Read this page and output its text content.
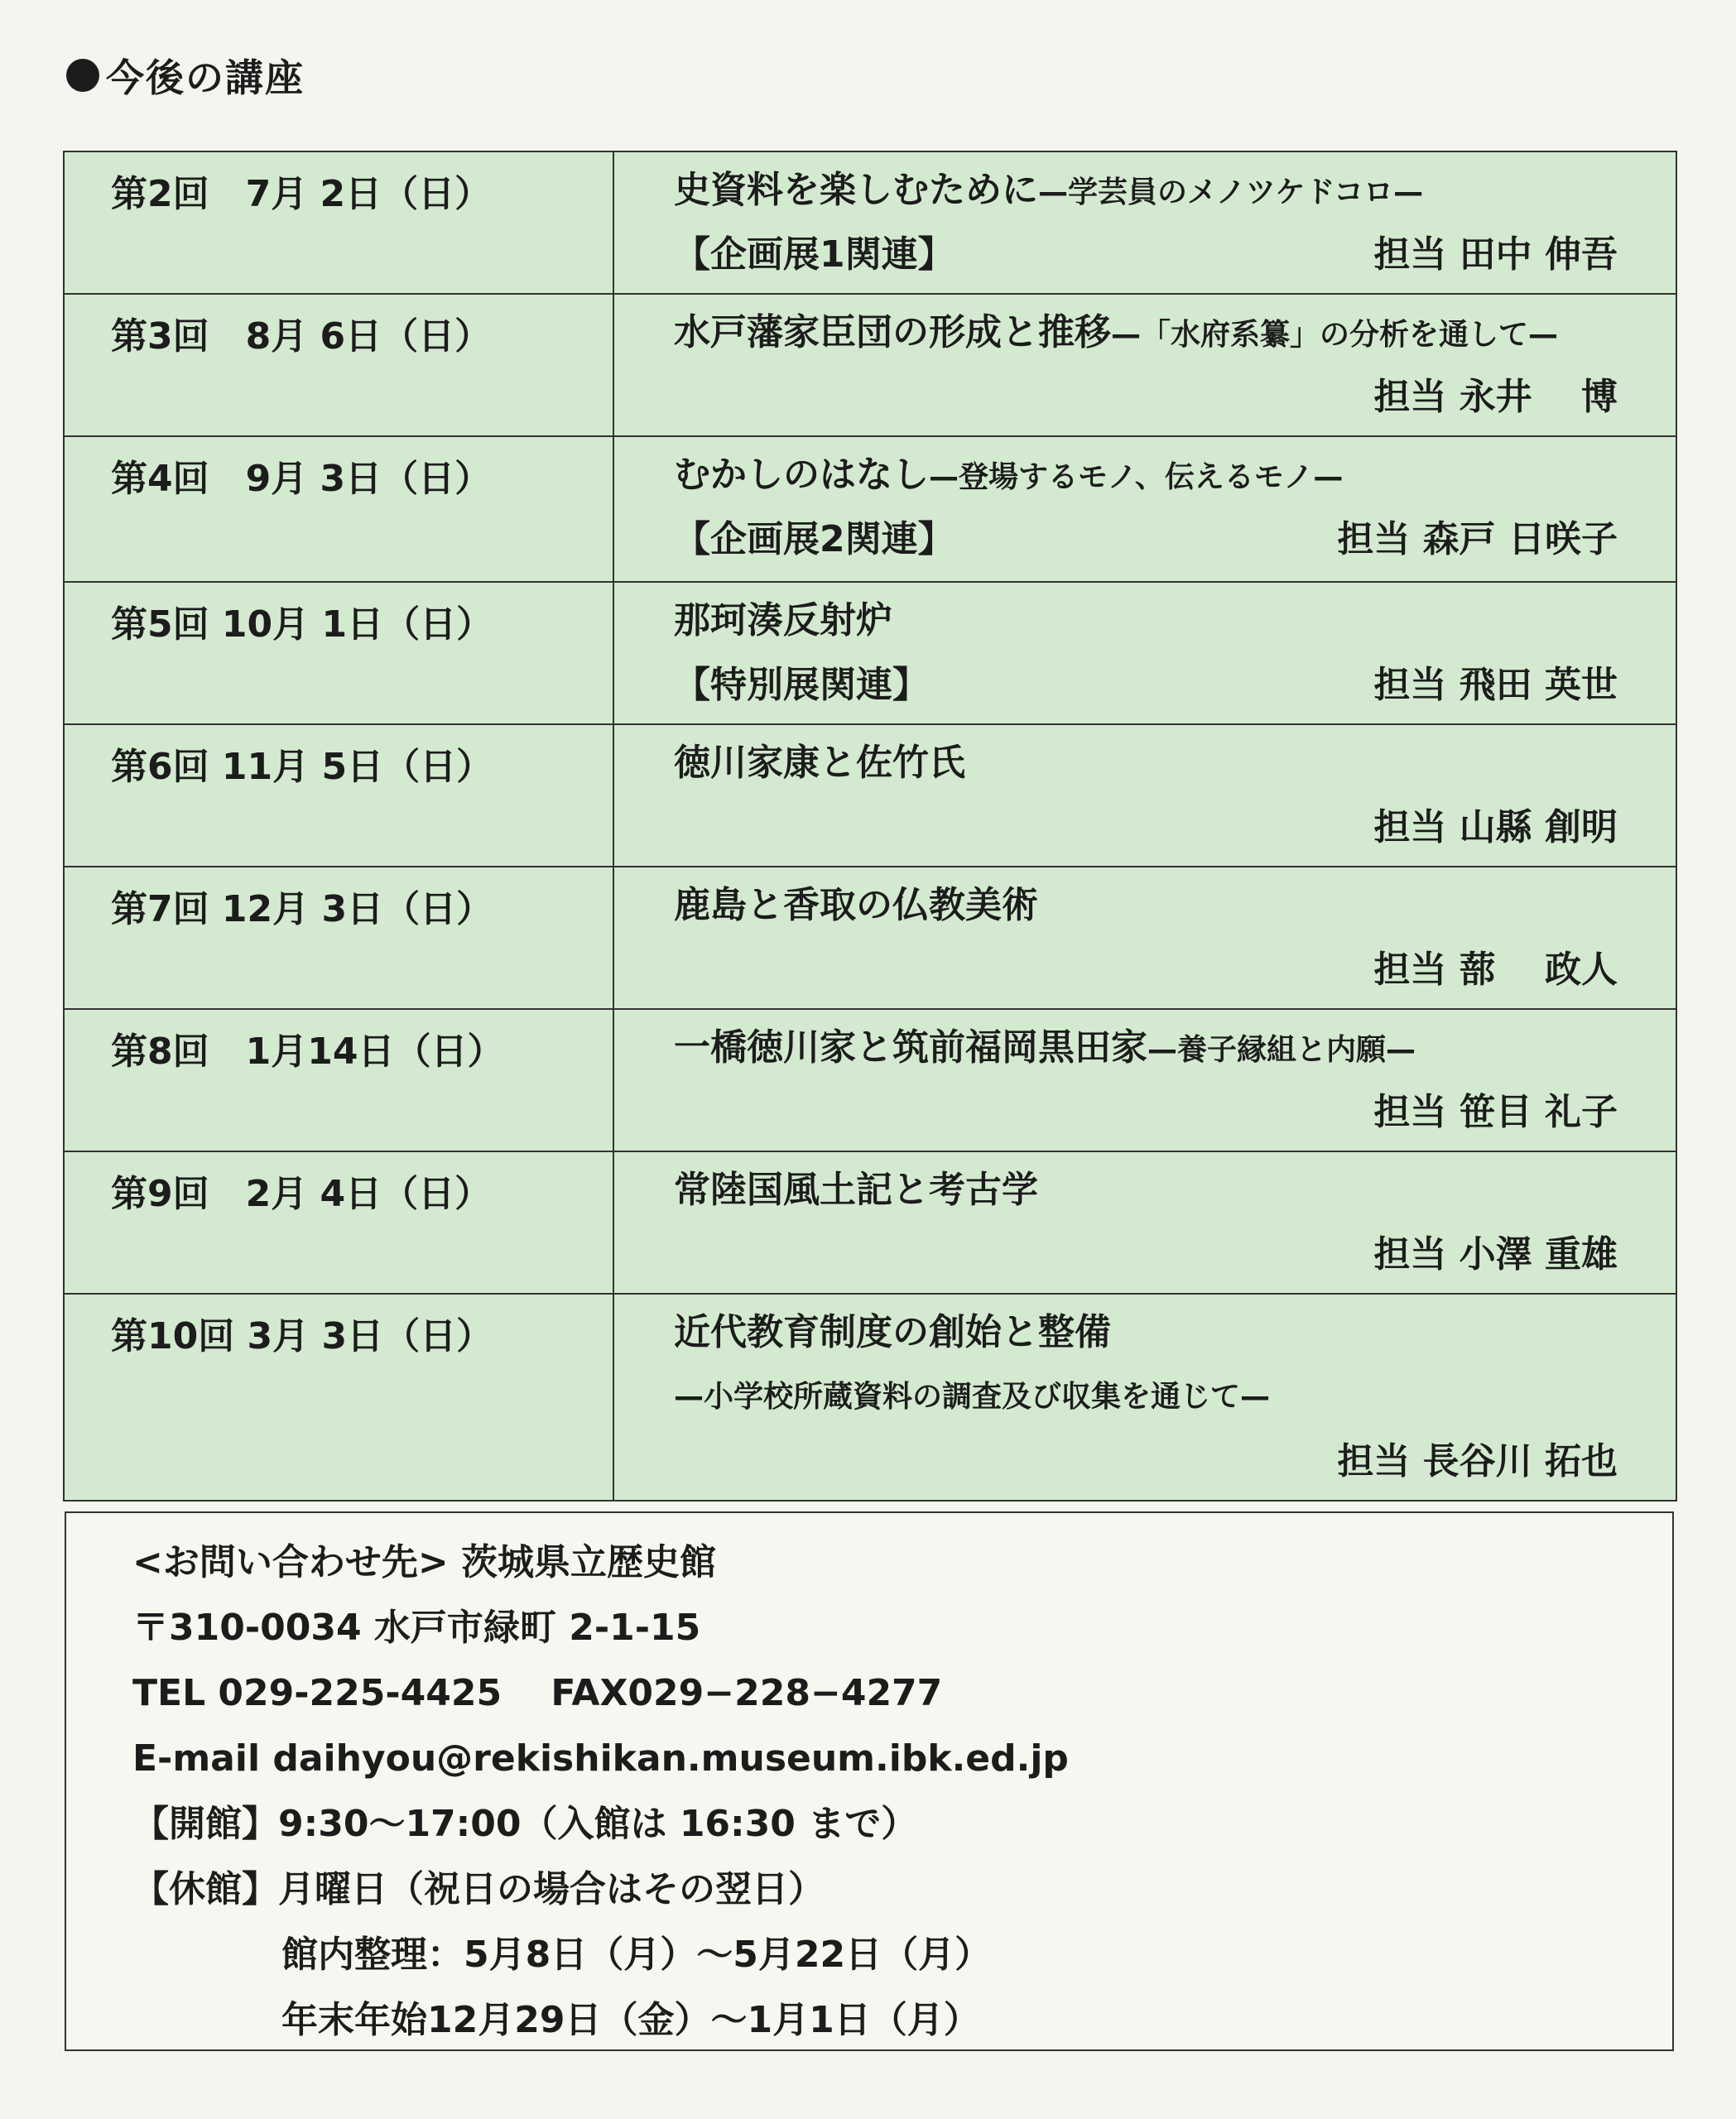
今後の講座
第2回　7月 2日（日）	史資料を楽しむために—学芸員のメノツケドコロ—
【企画展1関連】 担当 田中 伸吾

第3回　8月 6日（日）	水戸藩家臣団の形成と推移—「水府系纂」の分析を通して—
担当 永井　 博

第4回　9月 3日（日）	むかしのはなし—登場するモノ、伝えるモノ—
【企画展2関連】 担当 森戸 日咲子

第5回 10月 1日（日）	那珂湊反射炉
【特別展関連】 担当 飛田 英世

第6回 11月 5日（日）	徳川家康と佐竹氏
担当 山縣 創明

第7回 12月 3日（日）	鹿島と香取の仏教美術
担当 蔀　 政人

第8回　1月14日（日）	一橋徳川家と筑前福岡黒田家—養子縁組と内願—
担当 笹目 礼子

第9回　2月 4日（日）	常陸国風土記と考古学
担当 小澤 重雄

第10回 3月 3日（日）	近代教育制度の創始と整備
—小学校所蔵資料の調査及び収集を通じて—
担当 長谷川 拓也
<お問い合わせ先> 茨城県立歴史館
〒310-0034 水戸市緑町 2-1-15
TEL 029-225-4425　 FAX029−228−4277
E-mail daihyou@rekishikan.museum.ibk.ed.jp
【開館】9:30〜17:00（入館は 16:30 まで）
【休館】月曜日（祝日の場合はその翌日）
館内整理：5月8日（月）〜5月22日（月）
年末年始12月29日（金）〜1月1日（月）
